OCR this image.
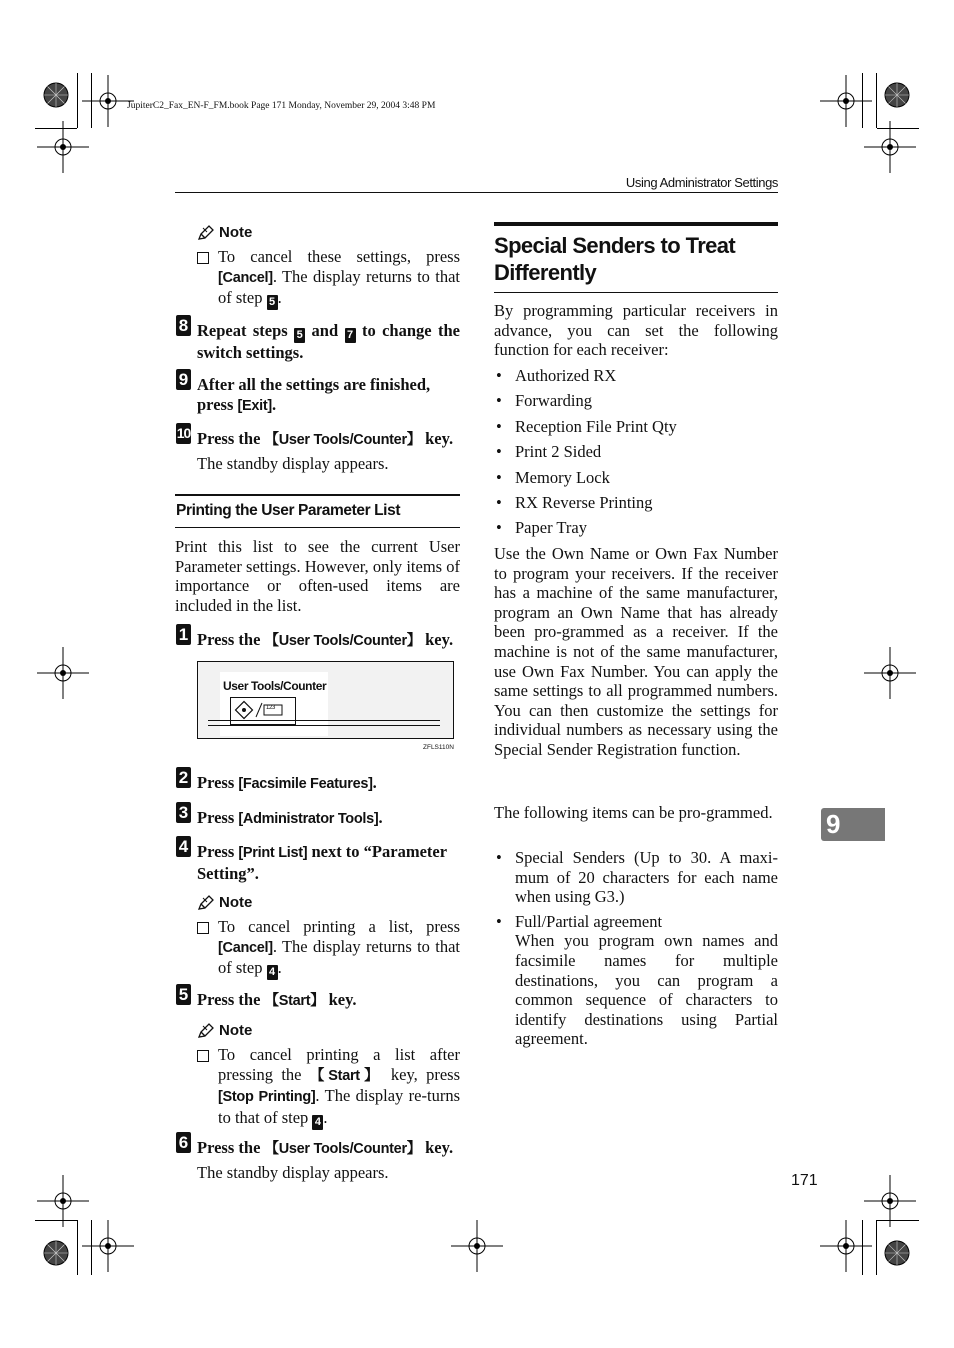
JupiterC2_Fax_EN-F_FM.book Page 171 Monday, November 29, 2004 3:48 PM
Using Administrator Settings
Note
To cancel these settings, press [Cancel]. The display returns to that of step 5 .
8 Repeat steps 5 and 7 to change the switch settings.
9 After all the settings are finished, press [Exit].
10 Press the 【User Tools/Counter】 key.
The standby display appears.
Printing the User Parameter List
Print this list to see the current User Parameter settings. However, only items of importance or often-used items are included in the list.
1 Press the 【User Tools/Counter】 key.
User Tools/Counter
1 2 3
ZFLS110N
2 Press [Facsimile Features].
3 Press [Administrator Tools].
4 Press [Print List] next to “Parameter Setting”.
Note
To cancel printing a list, press [Cancel]. The display returns to that of step 4 .
5 Press the 【Start】 key.
Note
To cancel printing a list after pressing the 【Start】 key, press [Stop Printing]. The display re-turns to that of step 4 .
6 Press the 【User Tools/Counter】 key.
The standby display appears.
Special Senders to Treat Differently
By programming particular receivers in advance, you can set the following function for each receiver:
• Authorized RX
• Forwarding
• Reception File Print Qty
• Print 2 Sided
• Memory Lock
• RX Reverse Printing
• Paper Tray
Use the Own Name or Own Fax Number to program your receivers. If the receiver has a machine of the same manufacturer, program an Own Name that has already been pro-grammed as a receiver. If the machine is not of the same manufacturer, use Own Fax Number. You can apply the same settings to all programmed numbers. You can then customize the settings for individual numbers as necessary using the Special Sender Registration function.
The following items can be pro-grammed.
• Special Senders (Up to 30. A maxi-mum of 20 characters for each name when using G3.)
• Full/Partial agreement
When you program own names and facsimile names for multiple destinations, you can program a common sequence of characters to identify destinations using Partial agreement.
9
171
